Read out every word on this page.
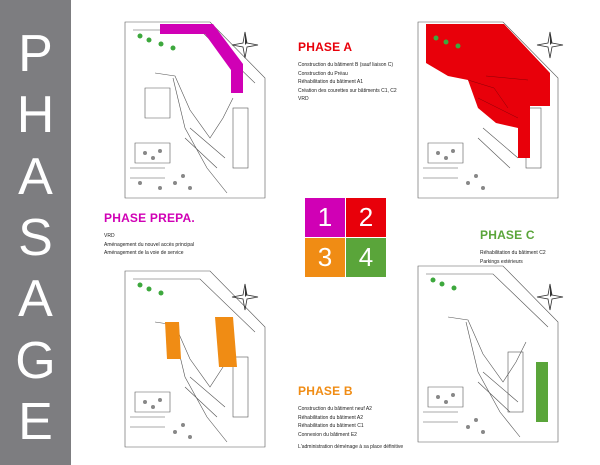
P
H
A
S
A
G
E
PHASE A
Construction du bâtiment B (sauf liaison C)
Construction du Préau
Réhabilitation du bâtiment A1
Création des courettes sur bâtiments C1, C2
VRD
PHASE PREPA.
VRD
Aménagement du nouvel accès principal
Aménagement de la voie de service
1	2
3	4
PHASE C
Réhabilitation du bâtiment C2
Parkings extérieurs
PHASE B
Construction du bâtiment neuf A2
Réhabilitation du bâtiment A2
Réhabilitation du bâtiment C1
Connexion du bâtiment E2
L'administration déménage à sa place définitive
